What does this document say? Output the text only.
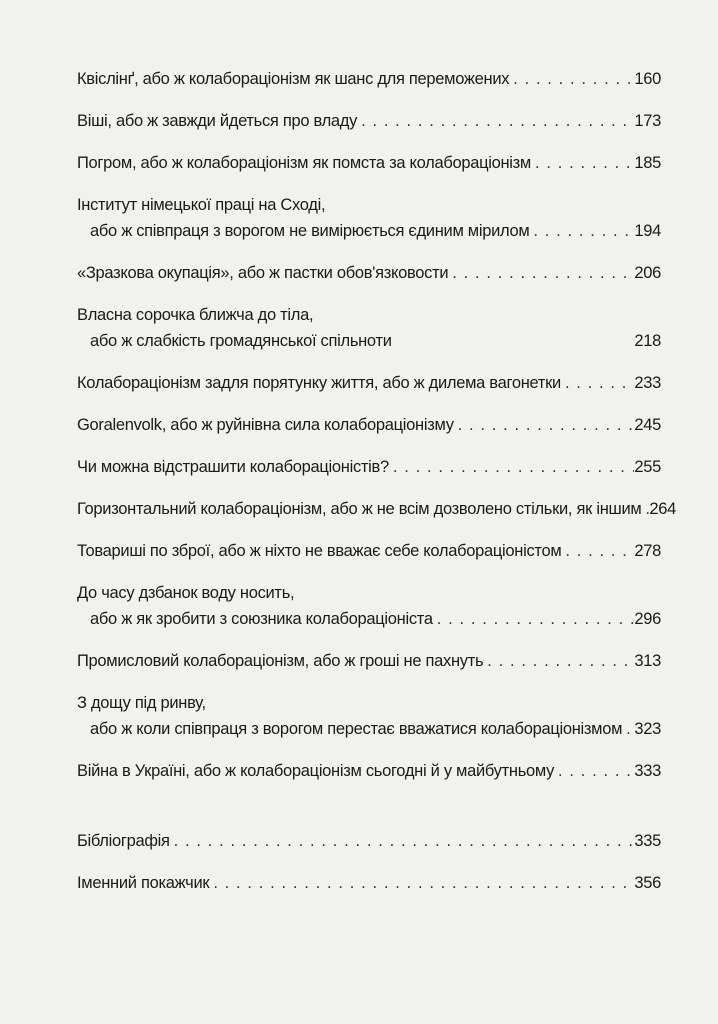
Квіслінґ, або ж колабораціонізм як шанс для переможених . . .	160
Віші, або ж завжди йдеться про владу . . .	173
Погром, або ж колабораціонізм як помста за колабораціонізм . . .	185
Інститут німецької праці на Сході,
або ж співпраця з ворогом не вимірюється єдиним мірилом . . .	194
«Зразкова окупація», або ж пастки обов'язковости . . .	206
Власна сорочка ближча до тіла,
або ж слабкість громадянської спільноти	218
Колабораціонізм задля порятунку життя, або ж дилема вагонетки . . .	233
Goralenvolk, або ж руйнівна сила колабораціонізму . . .	245
Чи можна відстрашити колабораціоністів? . . .	255
Горизонтальний колабораціонізм, або ж не всім дозволено стільки, як іншим . . . 264
Товариші по зброї, або ж ніхто не вважає себе колабораціоністом . . .	278
До часу дзбанок воду носить,
або ж як зробити з союзника колабораціоніста . . .	296
Промисловий колабораціонізм, або ж гроші не пахнуть . . .	313
З дощу під ринву,
або ж коли співпраця з ворогом перестає вважатися колабораціонізмом . . . 323
Війна в Україні, або ж колабораціонізм сьогодні й у майбутньому . . .	333
Бібліографія . . .	335
Іменний покажчик . . .	356
